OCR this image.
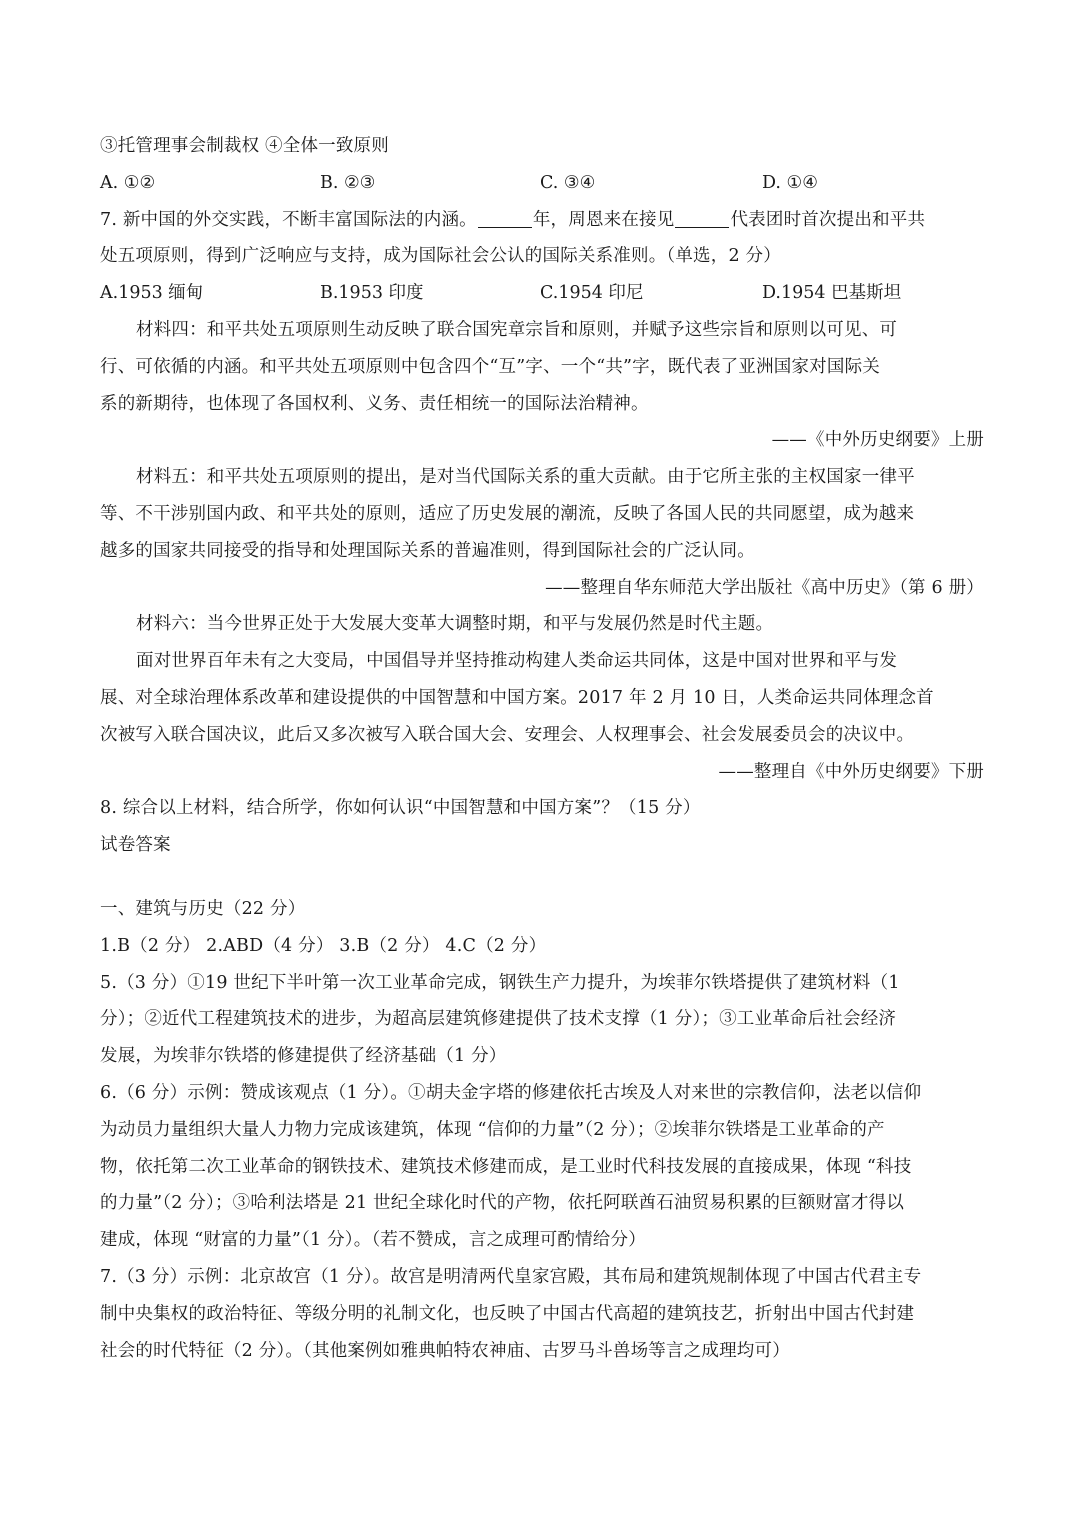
③托管理事会制裁权 ④全体一致原则
A. ①②	B. ②③	C. ③④	D. ①④
7. 新中国的外交实践，不断丰富国际法的内涵。	年，周恩来在接见	代表团时首次提出和平共
处五项原则，得到广泛响应与支持，成为国际社会公认的国际关系准则。（单选，2 分）
A.1953 缅甸	B.1953 印度	C.1954 印尼	D.1954 巴基斯坦
材料四：和平共处五项原则生动反映了联合国宪章宗旨和原则，并赋予这些宗旨和原则以可见、可
行、可依循的内涵。和平共处五项原则中包含四个“互”字、一个“共”字，既代表了亚洲国家对国际关
系的新期待，也体现了各国权利、义务、责任相统一的国际法治精神。
——《中外历史纲要》上册
材料五：和平共处五项原则的提出，是对当代国际关系的重大贡献。由于它所主张的主权国家一律平
等、不干涉别国内政、和平共处的原则，适应了历史发展的潮流，反映了各国人民的共同愿望，成为越来
越多的国家共同接受的指导和处理国际关系的普遍准则，得到国际社会的广泛认同。
——整理自华东师范大学出版社《高中历史》（第 6 册）
材料六：当今世界正处于大发展大变革大调整时期，和平与发展仍然是时代主题。
面对世界百年未有之大变局，中国倡导并坚持推动构建人类命运共同体，这是中国对世界和平与发
展、对全球治理体系改革和建设提供的中国智慧和中国方案。2017 年 2 月 10 日，人类命运共同体理念首
次被写入联合国决议，此后又多次被写入联合国大会、安理会、人权理事会、社会发展委员会的决议中。
——整理自《中外历史纲要》下册
8. 综合以上材料，结合所学，你如何认识“中国智慧和中国方案”？（15 分）
试卷答案
一、建筑与历史（22 分）
1.B（2 分） 2.ABD（4 分） 3.B（2 分） 4.C（2 分）
5.（3 分）①19 世纪下半叶第一次工业革命完成，钢铁生产力提升，为埃菲尔铁塔提供了建筑材料（1
分）；②近代工程建筑技术的进步，为超高层建筑修建提供了技术支撑（1 分）；③工业革命后社会经济
发展，为埃菲尔铁塔的修建提供了经济基础（1 分）
6.（6 分）示例：赞成该观点（1 分）。①胡夫金字塔的修建依托古埃及人对来世的宗教信仰，法老以信仰
为动员力量组织大量人力物力完成该建筑，体现 “信仰的力量”（2 分）；②埃菲尔铁塔是工业革命的产
物，依托第二次工业革命的钢铁技术、建筑技术修建而成，是工业时代科技发展的直接成果，体现 “科技
的力量”（2 分）；③哈利法塔是 21 世纪全球化时代的产物，依托阿联酋石油贸易积累的巨额财富才得以
建成，体现 “财富的力量”（1 分）。（若不赞成，言之成理可酌情给分）
7.（3 分）示例：北京故宫（1 分）。故宫是明清两代皇家宫殿，其布局和建筑规制体现了中国古代君主专
制中央集权的政治特征、等级分明的礼制文化，也反映了中国古代高超的建筑技艺，折射出中国古代封建
社会的时代特征（2 分）。（其他案例如雅典帕特农神庙、古罗马斗兽场等言之成理均可）
